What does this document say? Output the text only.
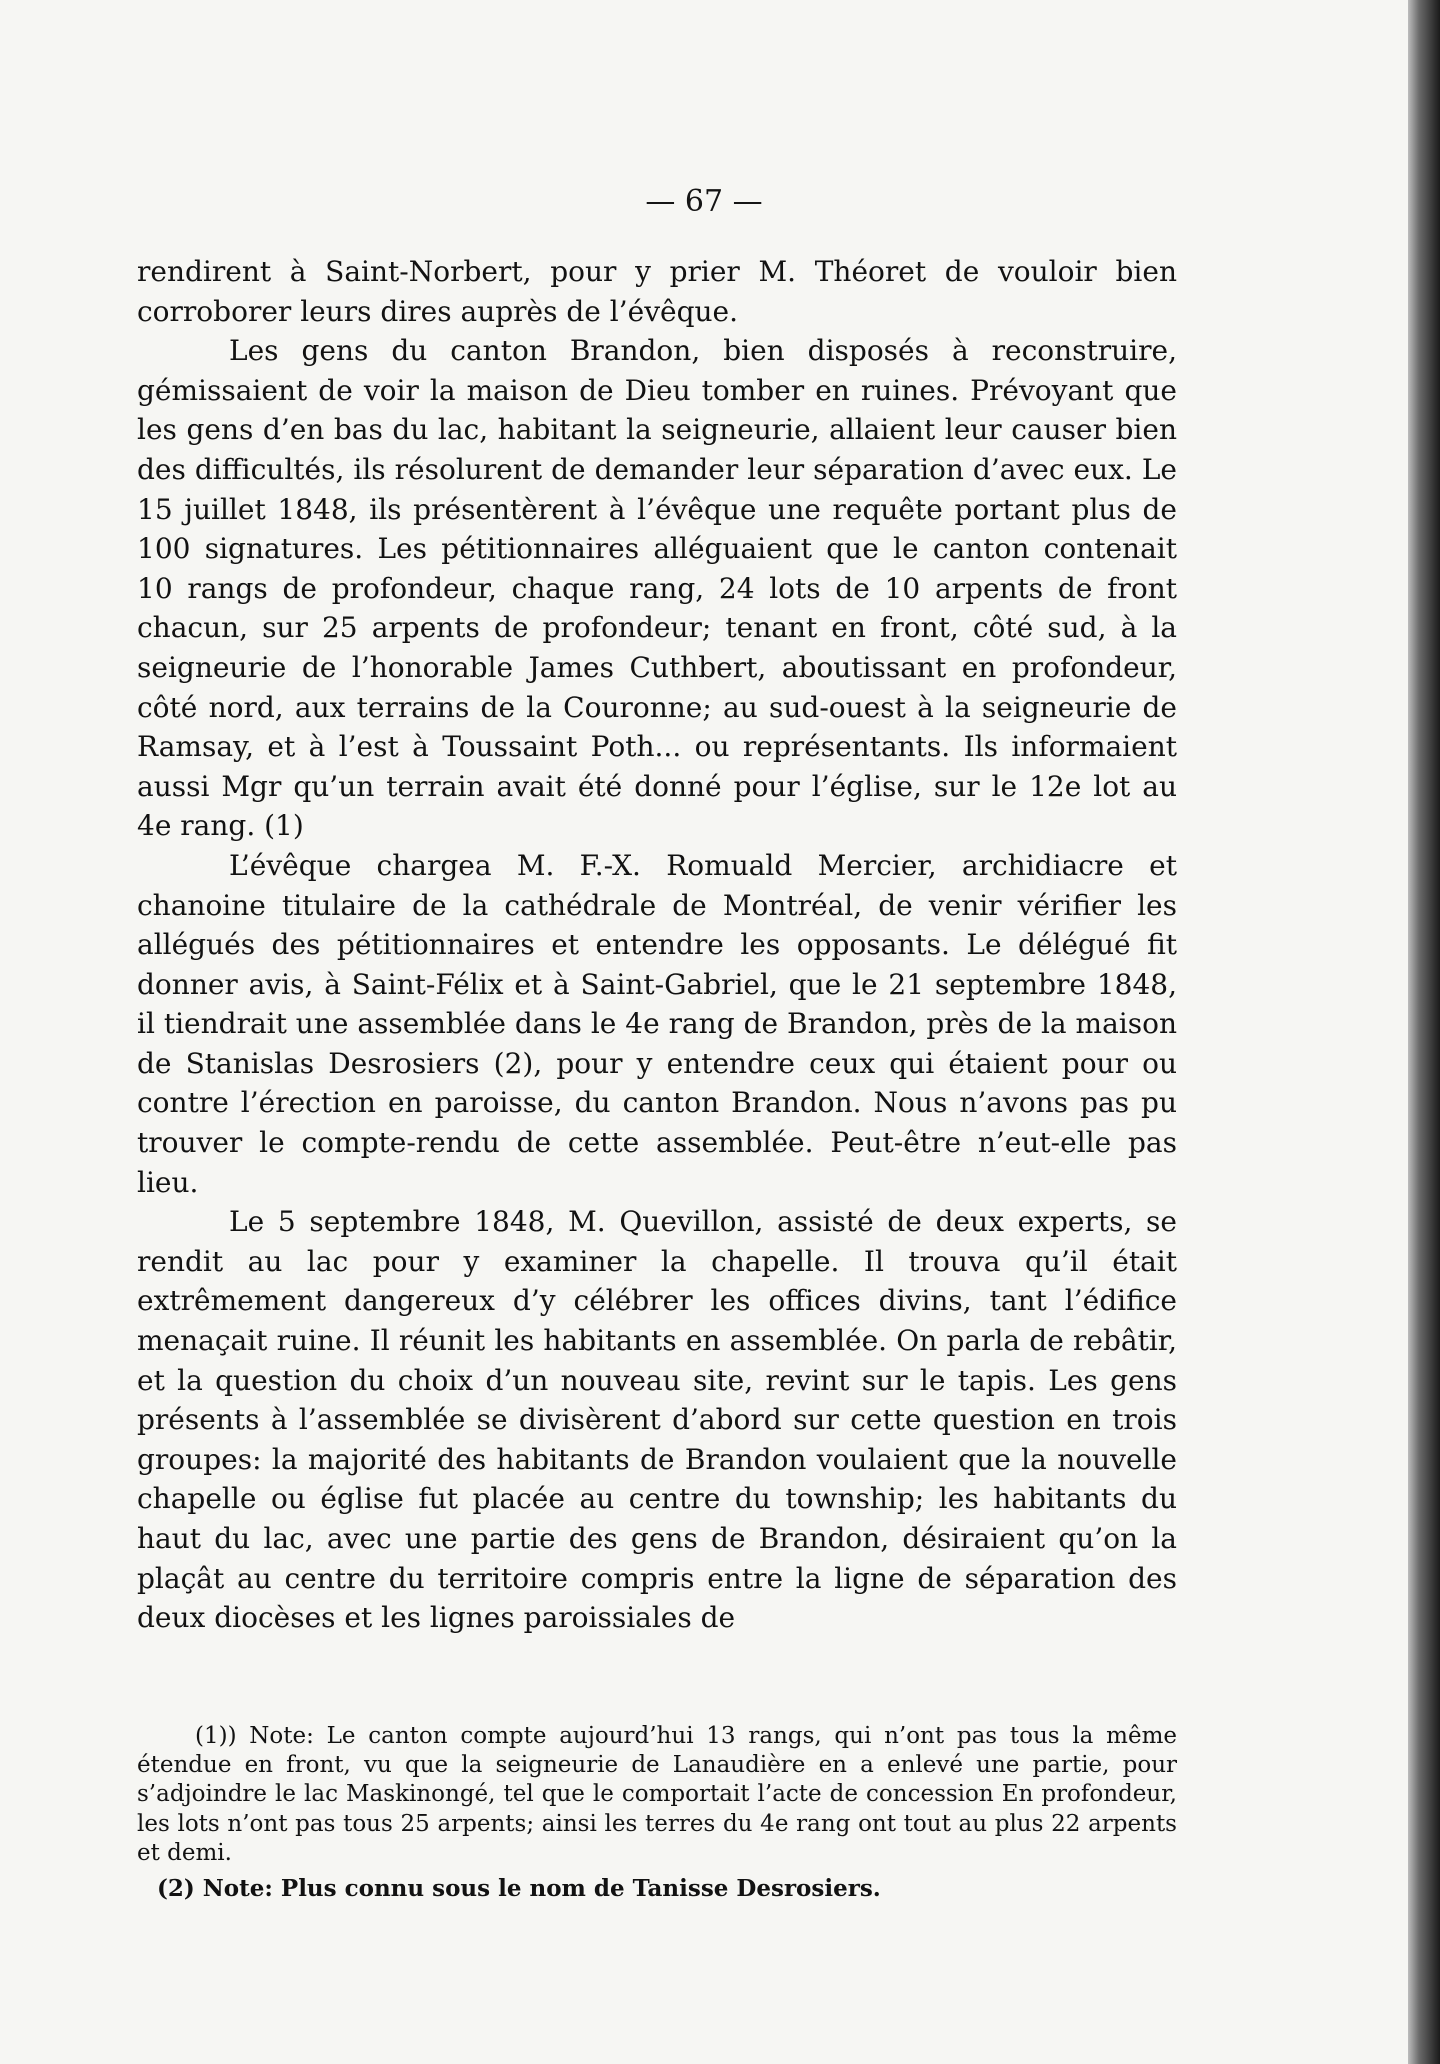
— 67 —

rendirent à Saint-Norbert, pour y prier M. Théoret de vouloir bien corroborer leurs dires auprès de l’évêque.

Les gens du canton Brandon, bien disposés à reconstruire, gémissaient de voir la maison de Dieu tomber en ruines. Prévoyant que les gens d’en bas du lac, habitant la seigneurie, allaient leur causer bien des difficultés, ils résolurent de demander leur séparation d’avec eux. Le 15 juillet 1848, ils présentèrent à l’évêque une requête portant plus de 100 signatures. Les pétitionnaires alléguaient que le canton contenait 10 rangs de profondeur, chaque rang, 24 lots de 10 arpents de front chacun, sur 25 arpents de profondeur; tenant en front, côté sud, à la seigneurie de l’honorable James Cuthbert, aboutissant en profondeur, côté nord, aux terrains de la Couronne; au sud-ouest à la seigneurie de Ramsay, et à l’est à Toussaint Poth... ou représentants. Ils informaient aussi Mgr qu’un terrain avait été donné pour l’église, sur le 12e lot au 4e rang. (1)

L’évêque chargea M. F.-X. Romuald Mercier, archidiacre et chanoine titulaire de la cathédrale de Montréal, de venir vérifier les allégués des pétitionnaires et entendre les opposants. Le délégué fit donner avis, à Saint-Félix et à Saint-Gabriel, que le 21 septembre 1848, il tiendrait une assemblée dans le 4e rang de Brandon, près de la maison de Stanislas Desrosiers (2), pour y entendre ceux qui étaient pour ou contre l’érection en paroisse, du canton Brandon. Nous n’avons pas pu trouver le compte-rendu de cette assemblée. Peut-être n’eut-elle pas lieu.

Le 5 septembre 1848, M. Quevillon, assisté de deux experts, se rendit au lac pour y examiner la chapelle. Il trouva qu’il était extrêmement dangereux d’y célébrer les offices divins, tant l’édifice menaçait ruine. Il réunit les habitants en assemblée. On parla de rebâtir, et la question du choix d’un nouveau site, revint sur le tapis. Les gens présents à l’assemblée se divisèrent d’abord sur cette question en trois groupes: la majorité des habitants de Brandon voulaient que la nouvelle chapelle ou église fut placée au centre du township; les habitants du haut du lac, avec une partie des gens de Brandon, désiraient qu’on la plaçât au centre du territoire compris entre la ligne de séparation des deux diocèses et les lignes paroissiales de

(1)) Note: Le canton compte aujourd’hui 13 rangs, qui n’ont pas tous la même étendue en front, vu que la seigneurie de Lanaudière en a enlevé une partie, pour s’adjoindre le lac Maskinongé, tel que le comportait l’acte de concession En profondeur, les lots n’ont pas tous 25 arpents; ainsi les terres du 4e rang ont tout au plus 22 arpents et demi.

(2) Note: Plus connu sous le nom de Tanisse Desrosiers.
